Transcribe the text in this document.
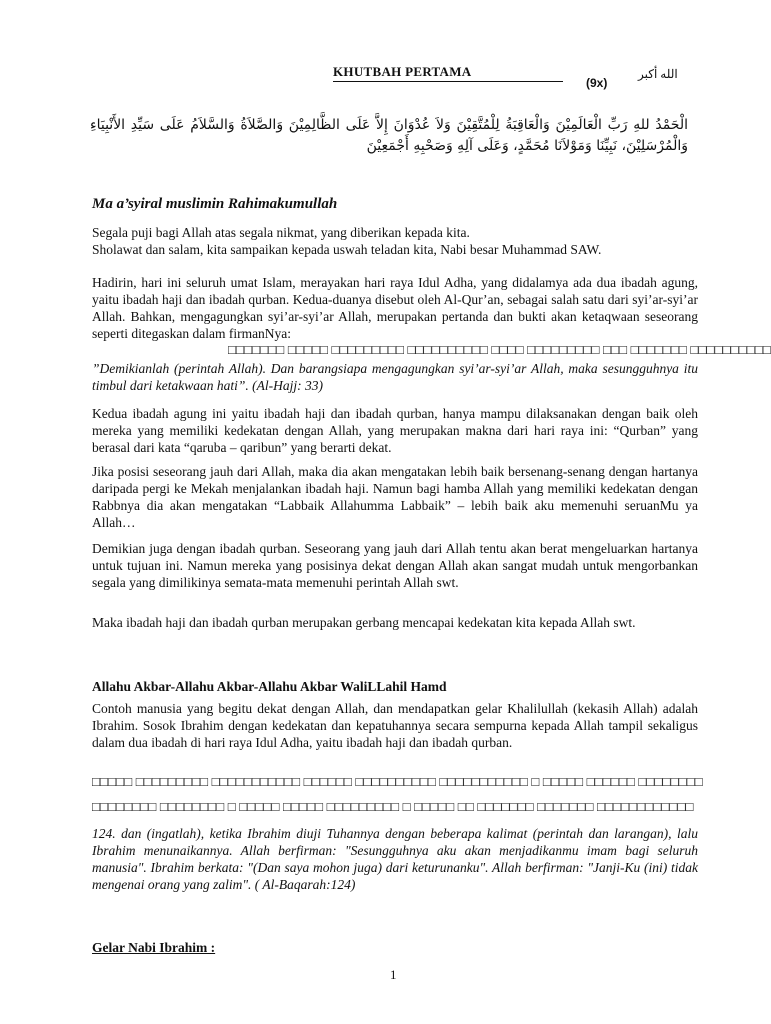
KHUTBAH PERTAMA	الله أكبر
(9x)
الْحَمْدُ للهِ رَبِّ الْعَالَمِيْنَ وَالْعَاقِبَةُ لِلْمُتَّقِيْنَ وَلاَ عُدْوَانَ إِلاَّ عَلَى الظَّالِمِيْنَ وَالصَّلاَةُ وَالسَّلاَمُ عَلَى سَيِّدِ الأَنْبِيَاءِ وَالْمُرْسَلِيْنَ، نَبِيِّنَا وَمَوْلاَنَا مُحَمَّدٍ، وَعَلَى آلِهِ وَصَحْبِهِ أَجْمَعِيْنَ
Ma a’syiral muslimin Rahimakumullah
Segala puji bagi Allah atas segala nikmat, yang diberikan kepada kita.
Sholawat dan salam, kita sampaikan kepada uswah teladan kita, Nabi besar Muhammad SAW.
Hadirin, hari ini seluruh umat Islam, merayakan hari raya Idul Adha, yang didalamya ada dua ibadah agung, yaitu ibadah haji dan ibadah qurban. Kedua-duanya disebut oleh Al-Qur’an, sebagai salah satu dari syi’ar-syi’ar Allah. Bahkan, mengagungkan syi’ar-syi’ar Allah, merupakan pertanda dan bukti akan ketaqwaan seseorang seperti ditegaskan dalam firmanNya:
□□□□□□□ □□□□□ □□□□□□□□□ □□□□□□□□□□ □□□□ □□□□□□□□□ □□□ □□□□□□□ □□□□□□□□□□
”Demikianlah (perintah Allah). Dan barangsiapa mengagungkan syi’ar-syi’ar Allah, maka sesungguhnya itu timbul dari ketakwaan hati”. (Al-Hajj: 33)
Kedua ibadah agung ini yaitu ibadah haji dan ibadah qurban, hanya mampu dilaksanakan dengan baik oleh mereka yang memiliki kedekatan dengan Allah, yang merupakan makna dari hari raya ini: “Qurban” yang berasal dari kata “qaruba – qaribun” yang berarti dekat.
Jika posisi seseorang jauh dari Allah, maka dia akan mengatakan lebih baik bersenang-senang dengan hartanya daripada pergi ke Mekah menjalankan ibadah haji. Namun bagi hamba Allah yang memiliki kedekatan dengan Rabbnya dia akan mengatakan “Labbaik Allahumma Labbaik” – lebih baik aku memenuhi seruanMu ya Allah…
Demikian juga dengan ibadah qurban. Seseorang yang jauh dari Allah tentu akan berat mengeluarkan hartanya untuk tujuan ini. Namun mereka yang posisinya dekat dengan Allah akan sangat mudah untuk mengorbankan segala yang dimilikinya semata-mata memenuhi perintah Allah swt.
Maka ibadah haji dan ibadah qurban merupakan gerbang mencapai kedekatan kita kepada Allah swt.
Allahu Akbar-Allahu Akbar-Allahu Akbar WaliLLahil Hamd
Contoh manusia yang begitu dekat dengan Allah, dan mendapatkan gelar Khalilullah (kekasih Allah) adalah Ibrahim. Sosok Ibrahim dengan kedekatan dan kepatuhannya secara sempurna kepada Allah tampil sekaligus dalam dua ibadah di hari raya Idul Adha, yaitu ibadah haji dan ibadah qurban.
□□□□□ □□□□□□□□□ □□□□□□□□□□□ □□□□□□ □□□□□□□□□□ □□□□□□□□□□□ □ □□□□□ □□□□□□ □□□□□□□□
□□□□□□□□ □□□□□□□□ □ □□□□□ □□□□□ □□□□□□□□□ □ □□□□□ □□ □□□□□□□ □□□□□□□ □□□□□□□□□□□□
124. dan (ingatlah), ketika Ibrahim diuji Tuhannya dengan beberapa kalimat (perintah dan larangan), lalu Ibrahim menunaikannya. Allah berfirman: "Sesungguhnya aku akan menjadikanmu imam bagi seluruh manusia". Ibrahim berkata: "(Dan saya mohon juga) dari keturunanku". Allah berfirman: "Janji-Ku (ini) tidak mengenai orang yang zalim". ( Al-Baqarah:124)
Gelar Nabi Ibrahim :
1
